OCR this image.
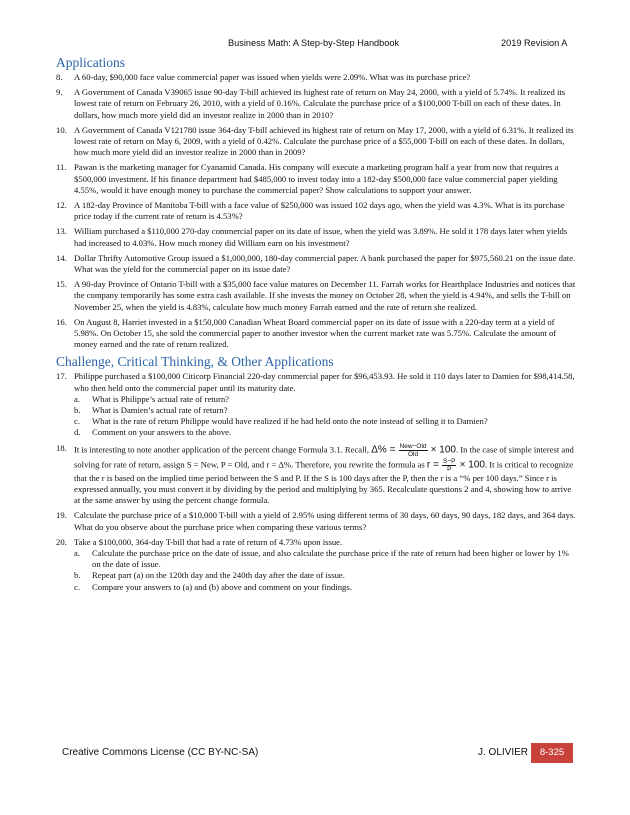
Business Math: A Step-by-Step Handbook	2019 Revision A
Applications
8. A 60-day, $90,000 face value commercial paper was issued when yields were 2.09%. What was its purchase price?
9. A Government of Canada V39065 issue 90-day T-bill achieved its highest rate of return on May 24, 2000, with a yield of 5.74%. It realized its lowest rate of return on February 26, 2010, with a yield of 0.16%. Calculate the purchase price of a $100,000 T-bill on each of these dates. In dollars, how much more yield did an investor realize in 2000 than in 2010?
10. A Government of Canada V121780 issue 364-day T-bill achieved its highest rate of return on May 17, 2000, with a yield of 6.31%. It realized its lowest rate of return on May 6, 2009, with a yield of 0.42%. Calculate the purchase price of a $55,000 T-bill on each of these dates. In dollars, how much more yield did an investor realize in 2000 than in 2009?
11. Pawan is the marketing manager for Cyanamid Canada. His company will execute a marketing program half a year from now that requires a $500,000 investment. If his finance department had $485,000 to invest today into a 182-day $500,000 face value commercial paper yielding 4.55%, would it have enough money to purchase the commercial paper? Show calculations to support your answer.
12. A 182-day Province of Manitoba T-bill with a face value of $250,000 was issued 102 days ago, when the yield was 4.3%. What is its purchase price today if the current rate of return is 4.53%?
13. William purchased a $110,000 270-day commercial paper on its date of issue, when the yield was 3.89%. He sold it 178 days later when yields had increased to 4.03%. How much money did William earn on his investment?
14. Dollar Thrifty Automotive Group issued a $1,000,000, 180-day commercial paper. A bank purchased the paper for $975,560.21 on the issue date. What was the yield for the commercial paper on its issue date?
15. A 90-day Province of Ontario T-bill with a $35,000 face value matures on December 11. Farrah works for Hearthplace Industries and notices that the company temporarily has some extra cash available. If she invests the money on October 28, when the yield is 4.94%, and sells the T-bill on November 25, when the yield is 4.83%, calculate how much money Farrah earned and the rate of return she realized.
16. On August 8, Harriet invested in a $150,000 Canadian Wheat Board commercial paper on its date of issue with a 220-day term at a yield of 5.98%. On October 15, she sold the commercial paper to another investor when the current market rate was 5.75%. Calculate the amount of money earned and the rate of return realized.
Challenge, Critical Thinking, & Other Applications
17. Philippe purchased a $100,000 Citicorp Financial 220-day commercial paper for $96,453.93. He sold it 110 days later to Damien for $98,414.58, who then held onto the commercial paper until its maturity date.
a. What is Philippe’s actual rate of return?
b. What is Damien’s actual rate of return?
c. What is the rate of return Philippe would have realized if he had held onto the note instead of selling it to Damien?
d. Comment on your answers to the above.
18. It is interesting to note another application of the percent change Formula 3.1. Recall, $\Delta\% = \frac{\text{New−Old}}{\text{Old}} \times 100$. In the case of simple interest and solving for rate of return, assign S = New, P = Old, and r = Δ%. Therefore, you rewrite the formula as $r = \frac{S-P}{P} \times 100$. It is critical to recognize that the r is based on the implied time period between the S and P. If the S is 100 days after the P, then the r is a “% per 100 days.” Since r is expressed annually, you must convert it by dividing by the period and multiplying by 365. Recalculate questions 2 and 4, showing how to arrive at the same answer by using the percent change formula.
19. Calculate the purchase price of a $10,000 T-bill with a yield of 2.95% using different terms of 30 days, 60 days, 90 days, 182 days, and 364 days. What do you observe about the purchase price when comparing these various terms?
20. Take a $100,000, 364-day T-bill that had a rate of return of 4.73% upon issue.
a. Calculate the purchase price on the date of issue, and also calculate the purchase price if the rate of return had been higher or lower by 1% on the date of issue.
b. Repeat part (a) on the 120th day and the 240th day after the date of issue.
c. Compare your answers to (a) and (b) above and comment on your findings.
Creative Commons License (CC BY-NC-SA)	J. OLIVIER	8-325
